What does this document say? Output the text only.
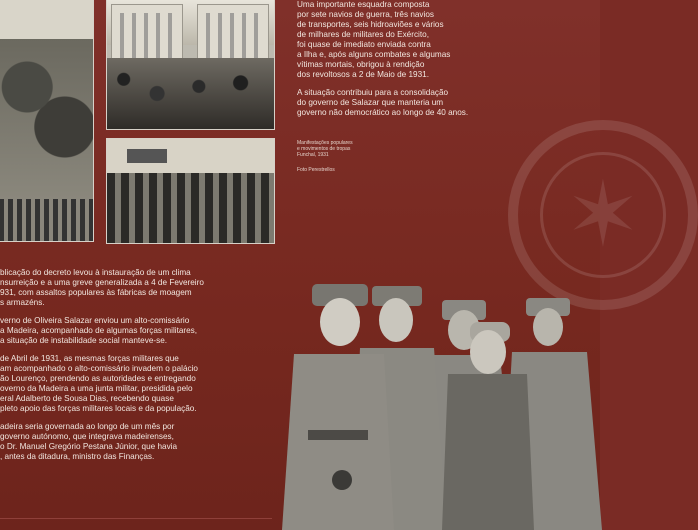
Uma importante esquadra composta
por sete navios de guerra, três navios
de transportes, seis hidroaviões e vários
de milhares de militares do Exército,
foi quase de imediato enviada contra
a Ilha e, após alguns combates e algumas
vítimas mortais, obrigou à rendição
dos revoltosos a 2 de Maio de 1931.

A situação contribuiu para a consolidação
do governo de Salazar que manteria um
governo não democrático ao longo de 40 anos.

Manifestações populares
e movimentos de tropas
Funchal, 1931
Foto Perestrellos	✶

blicação do decreto levou à instauração de um clima
nsurreição e a uma greve generalizada a 4 de Fevereiro
931, com assaltos populares às fábricas de moagem
s armazéns.

verno de Oliveira Salazar enviou um alto-comissário
a Madeira, acompanhado de algumas forças militares,
a situação de instabilidade social manteve-se.

de Abril de 1931, as mesmas forças militares que
am acompanhado o alto-comissário invadem o palácio
ão Lourenço, prendendo as autoridades e entregando
overno da Madeira a uma junta militar, presidida pelo
eral Adalberto de Sousa Dias, recebendo quase
pleto apoio das forças militares locais e da população.

adeira seria governada ao longo de um mês por
governo autónomo, que integrava madeirenses,
o Dr. Manuel Gregório Pestana Júnior, que havia
, antes da ditadura, ministro das Finanças.
